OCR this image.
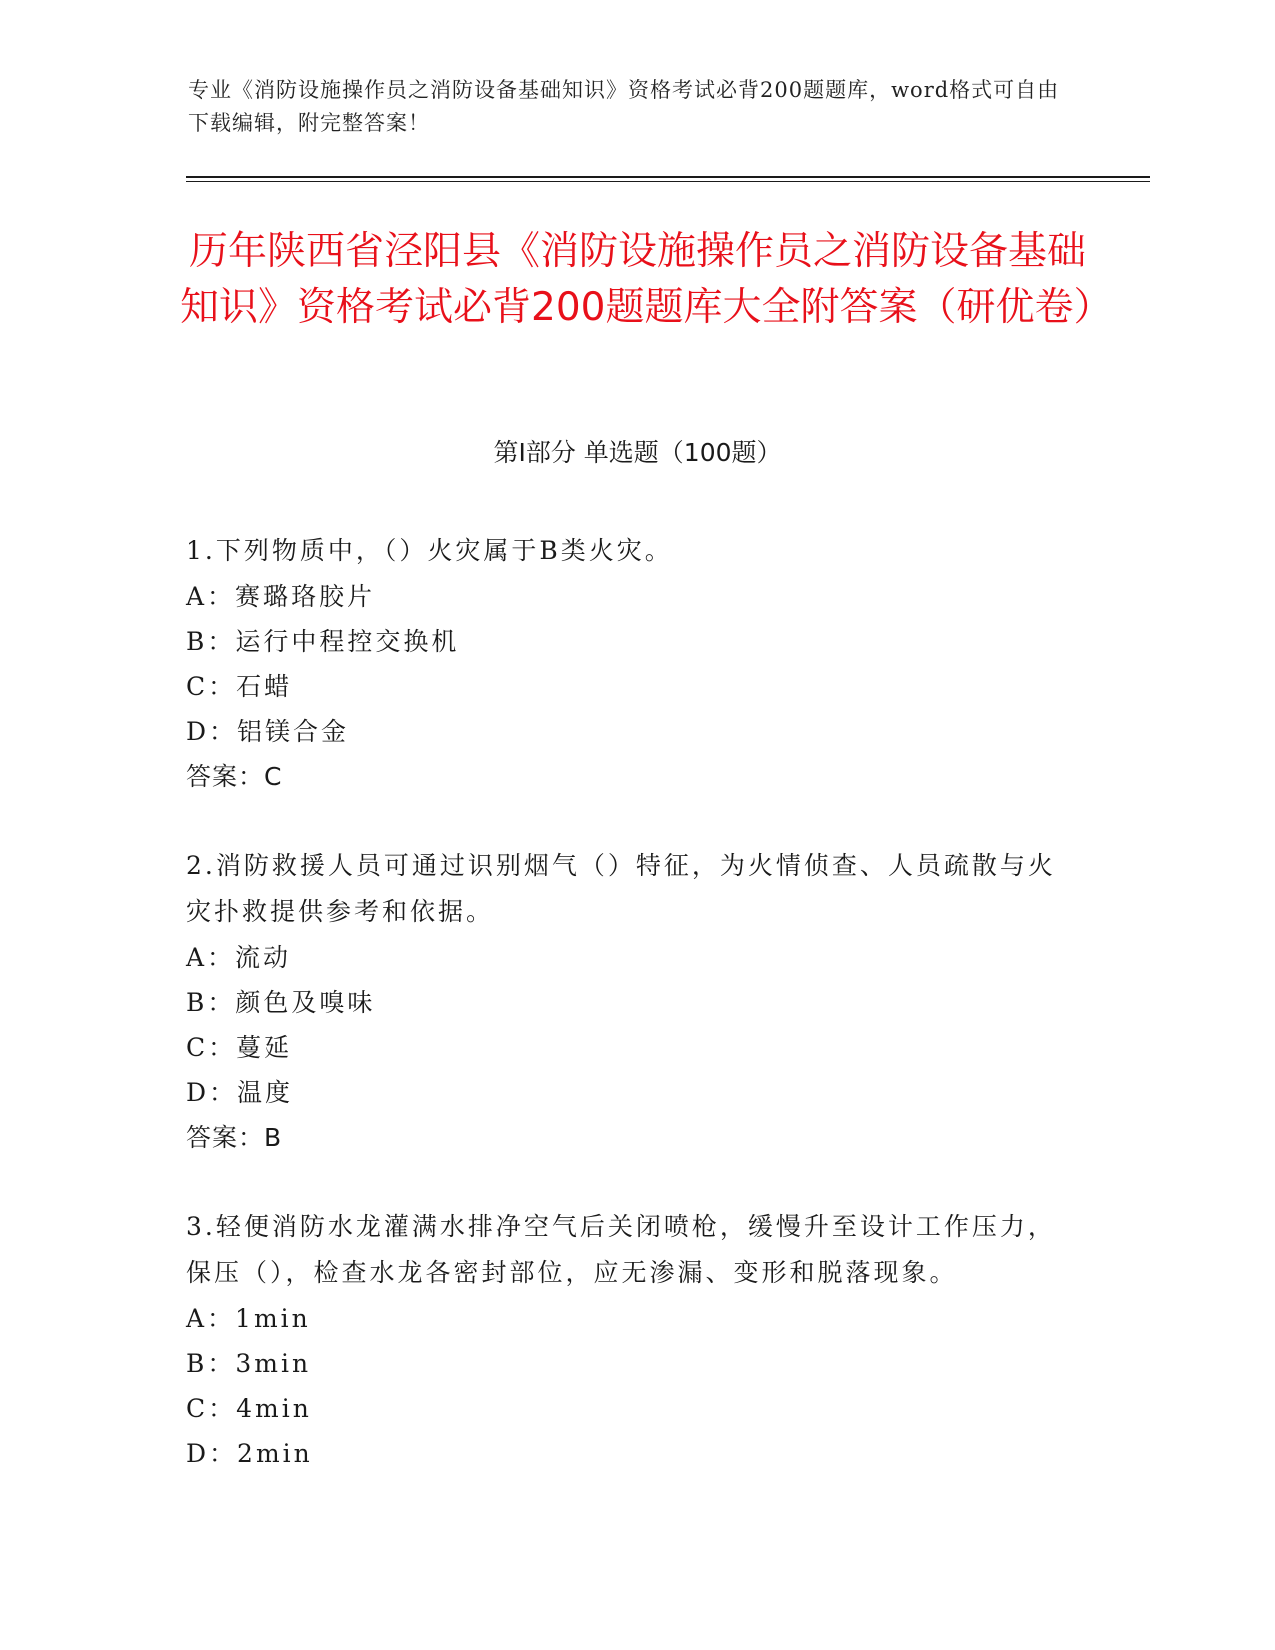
专业《消防设施操作员之消防设备基础知识》资格考试必背200题题库，word格式可自由下载编辑，附完整答案！
历年陕西省泾阳县《消防设施操作员之消防设备基础知识》资格考试必背200题题库大全附答案（研优卷）
第Ⅰ部分 单选题（100题）
1.下列物质中，（）火灾属于B类火灾。
A：赛璐珞胶片
B：运行中程控交换机
C：石蜡
D：铝镁合金
答案：C
2.消防救援人员可通过识别烟气（）特征，为火情侦查、人员疏散与火灾扑救提供参考和依据。
A：流动
B：颜色及嗅味
C：蔓延
D：温度
答案：B
3.轻便消防水龙灌满水排净空气后关闭喷枪，缓慢升至设计工作压力，保压（），检查水龙各密封部位，应无渗漏、变形和脱落现象。
A：1min
B：3min
C：4min
D：2min
